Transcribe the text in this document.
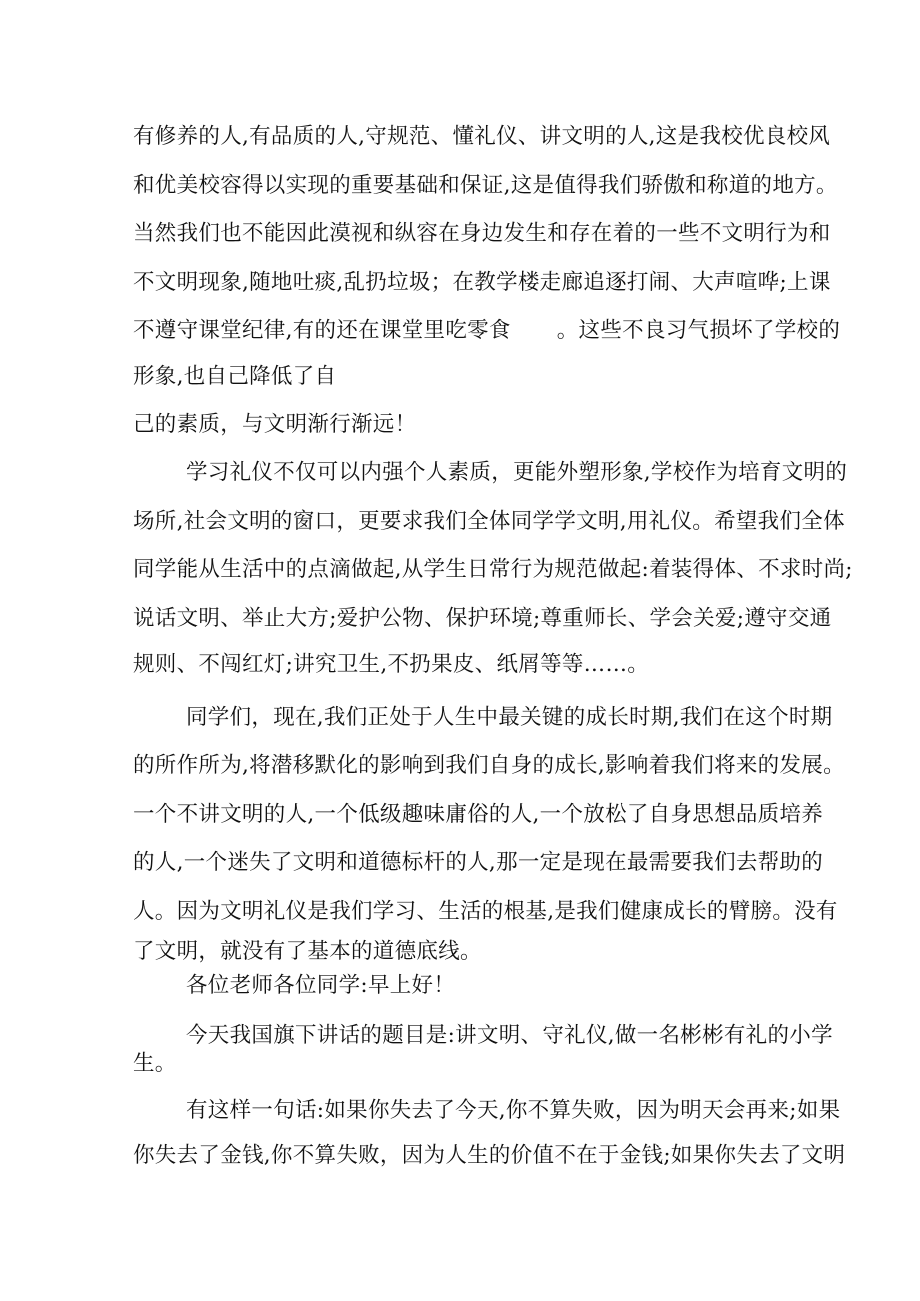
有修养的人,有品质的人,守规范、懂礼仪、讲文明的人,这是我校优良校风
和优美校容得以实现的重要基础和保证,这是值得我们骄傲和称道的地方。
当然我们也不能因此漠视和纵容在身边发生和存在着的一些不文明行为和
不文明现象,随地吐痰,乱扔垃圾；在教学楼走廊追逐打闹、大声喧哗;上课
不遵守课堂纪律,有的还在课堂里吃零食 。这些不良习气损坏了学校的
形象,也自己降低了自
己的素质，与文明渐行渐远！
学习礼仪不仅可以内强个人素质，更能外塑形象,学校作为培育文明的
场所,社会文明的窗口，更要求我们全体同学学文明,用礼仪。希望我们全体
同学能从生活中的点滴做起,从学生日常行为规范做起:着装得体、不求时尚;
说话文明、举止大方;爱护公物、保护环境;尊重师长、学会关爱;遵守交通
规则、不闯红灯;讲究卫生,不扔果皮、纸屑等等……。
同学们，现在,我们正处于人生中最关键的成长时期,我们在这个时期
的所作所为,将潜移默化的影响到我们自身的成长,影响着我们将来的发展。
一个不讲文明的人,一个低级趣味庸俗的人,一个放松了自身思想品质培养
的人,一个迷失了文明和道德标杆的人,那一定是现在最需要我们去帮助的
人。因为文明礼仪是我们学习、生活的根基,是我们健康成长的臂膀。没有
了文明，就没有了基本的道德底线。
各位老师各位同学:早上好！
今天我国旗下讲话的题目是:讲文明、守礼仪,做一名彬彬有礼的小学
生。
有这样一句话:如果你失去了今天,你不算失败，因为明天会再来;如果
你失去了金钱,你不算失败，因为人生的价值不在于金钱;如果你失去了文明
